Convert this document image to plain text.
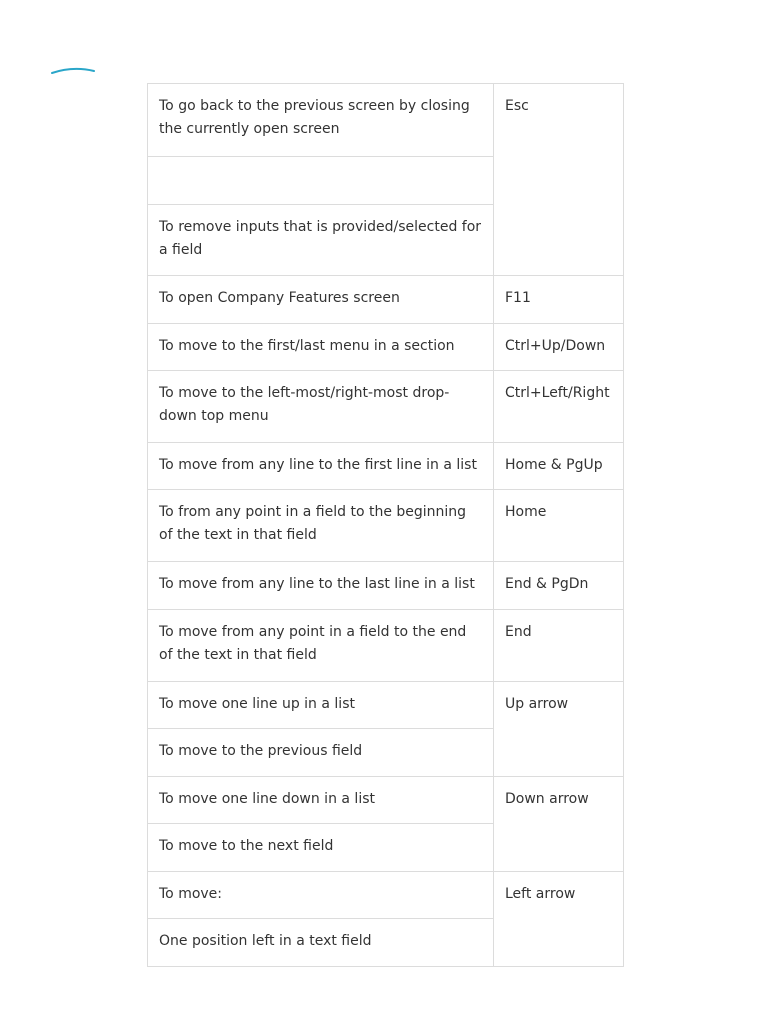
To go back to the previous screen by closing the currently open screen	Esc

To remove inputs that is provided/selected for a field	
To open Company Features screen	F11
To move to the first/last menu in a section	Ctrl+Up/Down
To move to the left-most/right-most drop-down top menu	Ctrl+Left/Right
To move from any line to the first line in a list	Home & PgUp
To from any point in a field to the beginning of the text in that field	Home
To move from any line to the last line in a list	End & PgDn
To move from any point in a field to the end of the text in that field	End
To move one line up in a list	Up arrow
To move to the previous field	
To move one line down in a list	Down arrow
To move to the next field	
To move:	Left arrow
One position left in a text field	
